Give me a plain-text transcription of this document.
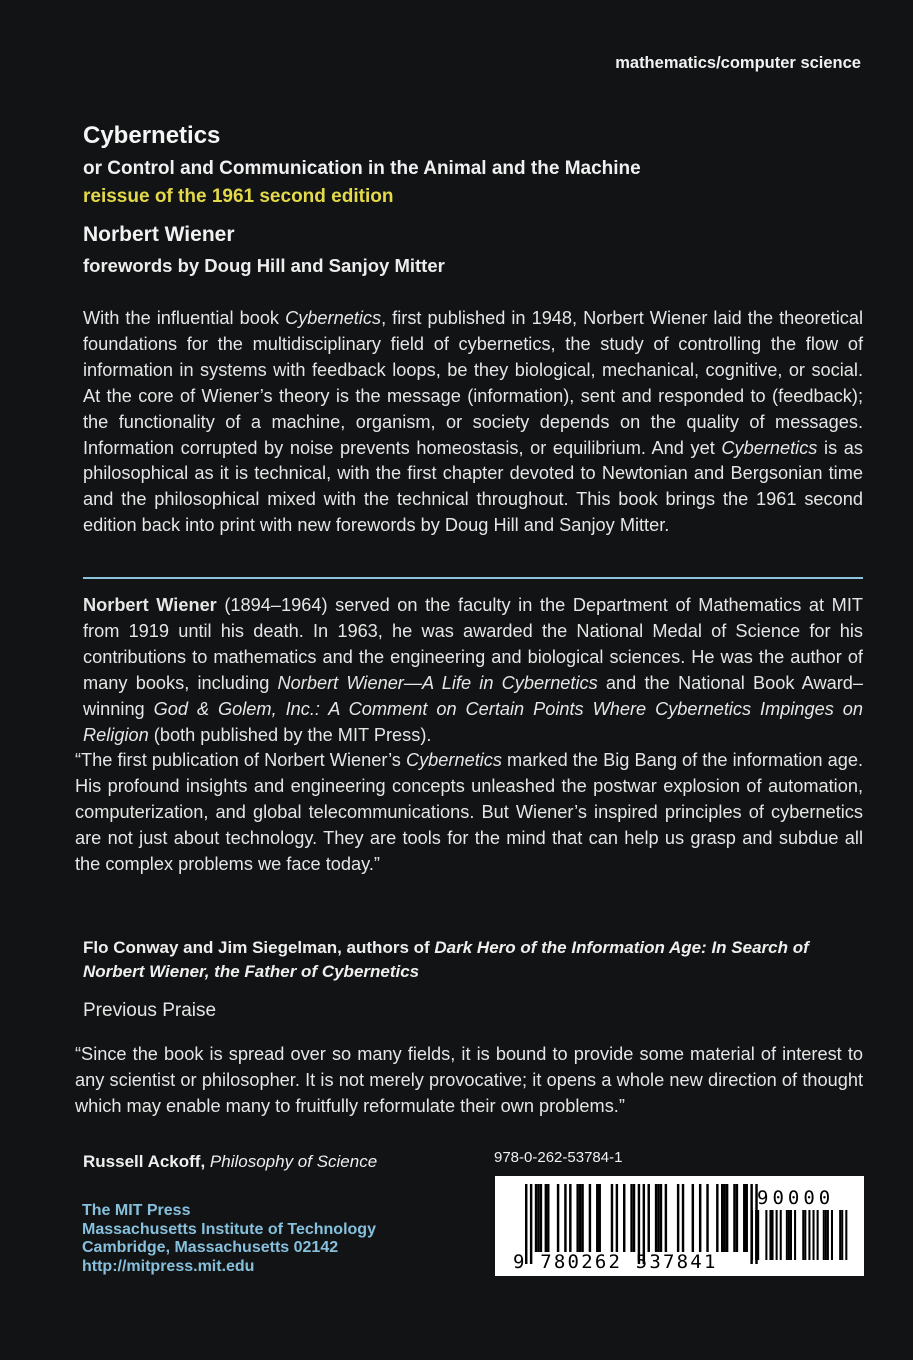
mathematics/computer science
Cybernetics
or Control and Communication in the Animal and the Machine
reissue of the 1961 second edition
Norbert Wiener
forewords by Doug Hill and Sanjoy Mitter
With the influential book Cybernetics, first published in 1948, Norbert Wiener laid the theoretical foundations for the multidisciplinary field of cybernetics, the study of controlling the flow of information in systems with feedback loops, be they biological, mechanical, cognitive, or social. At the core of Wiener’s theory is the message (information), sent and responded to (feedback); the functionality of a machine, organism, or society depends on the quality of messages. Information corrupted by noise prevents homeostasis, or equilibrium. And yet Cybernetics is as philosophical as it is technical, with the first chapter devoted to Newtonian and Bergsonian time and the philosophical mixed with the technical throughout. This book brings the 1961 second edition back into print with new forewords by Doug Hill and Sanjoy Mitter.
Norbert Wiener (1894–1964) served on the faculty in the Department of Mathematics at MIT from 1919 until his death. In 1963, he was awarded the National Medal of Science for his contributions to mathematics and the engineering and biological sciences. He was the author of many books, including Norbert Wiener—A Life in Cybernetics and the National Book Award–winning God & Golem, Inc.: A Comment on Certain Points Where Cybernetics Impinges on Religion (both published by the MIT Press).
“The first publication of Norbert Wiener’s Cybernetics marked the Big Bang of the information age. His profound insights and engineering concepts unleashed the postwar explosion of automation, computerization, and global telecommunications. But Wiener’s inspired principles of cybernetics are not just about technology. They are tools for the mind that can help us grasp and subdue all the complex problems we face today.”
Flo Conway and Jim Siegelman, authors of Dark Hero of the Information Age: In Search of Norbert Wiener, the Father of Cybernetics
Previous Praise
“Since the book is spread over so many fields, it is bound to provide some material of interest to any scientist or philosopher. It is not merely provocative; it opens a whole new direction of thought which may enable many to fruitfully reformulate their own problems.”
Russell Ackoff, Philosophy of Science
The MIT Press
Massachusetts Institute of Technology
Cambridge, Massachusetts 02142
http://mitpress.mit.edu
978-0-262-53784-1
9 780262 537841
90000
